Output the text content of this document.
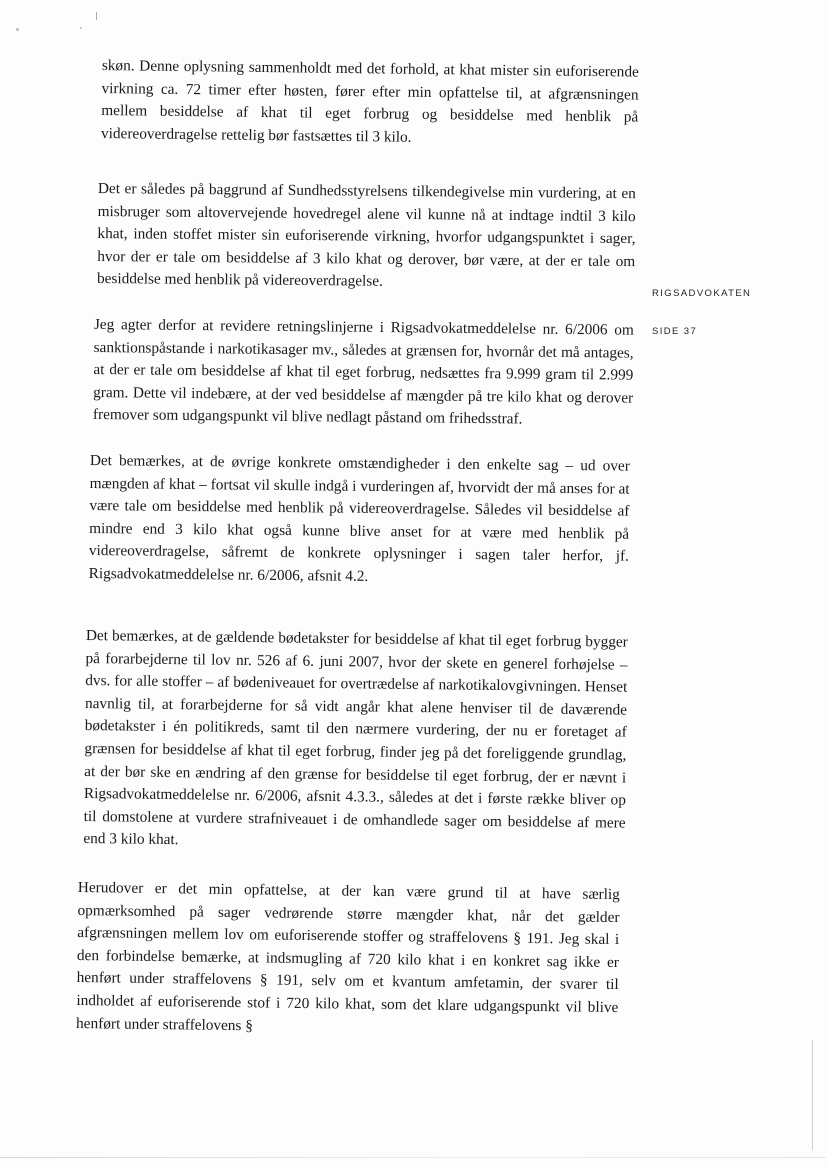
skøn. Denne oplysning sammenholdt med det forhold, at khat mister sin euforiserende virkning ca. 72 timer efter høsten, fører efter min opfattelse til, at afgrænsningen mellem besiddelse af khat til eget forbrug og besiddelse med henblik på videreoverdragelse rettelig bør fastsættes til 3 kilo.

Det er således på baggrund af Sundhedsstyrelsens tilkendegivelse min vurdering, at en misbruger som altovervejende hovedregel alene vil kunne nå at indtage indtil 3 kilo khat, inden stoffet mister sin euforiserende virkning, hvorfor udgangspunktet i sager, hvor der er tale om besiddelse af 3 kilo khat og derover, bør være, at der er tale om besiddelse med henblik på videreoverdragelse.

RIGSADVOKATEN
SIDE 37

Jeg agter derfor at revidere retningslinjerne i Rigsadvokatmeddelelse nr. 6/2006 om sanktionspåstande i narkotikasager mv., således at grænsen for, hvornår det må antages, at der er tale om besiddelse af khat til eget forbrug, nedsættes fra 9.999 gram til 2.999 gram. Dette vil indebære, at der ved besiddelse af mængder på tre kilo khat og derover fremover som udgangspunkt vil blive nedlagt påstand om frihedsstraf.

Det bemærkes, at de øvrige konkrete omstændigheder i den enkelte sag – ud over mængden af khat – fortsat vil skulle indgå i vurderingen af, hvorvidt der må anses for at være tale om besiddelse med henblik på videreoverdragelse. Således vil besiddelse af mindre end 3 kilo khat også kunne blive anset for at være med henblik på videreoverdragelse, såfremt de konkrete oplysninger i sagen taler herfor, jf. Rigsadvokatmeddelelse nr. 6/2006, afsnit 4.2.

Det bemærkes, at de gældende bødetakster for besiddelse af khat til eget forbrug bygger på forarbejderne til lov nr. 526 af 6. juni 2007, hvor der skete en generel forhøjelse – dvs. for alle stoffer – af bødeniveauet for overtrædelse af narkotikalovgivningen. Henset navnlig til, at forarbejderne for så vidt angår khat alene henviser til de daværende bødetakster i én politikreds, samt til den nærmere vurdering, der nu er foretaget af grænsen for besiddelse af khat til eget forbrug, finder jeg på det foreliggende grundlag, at der bør ske en ændring af den grænse for besiddelse til eget forbrug, der er nævnt i Rigsadvokatmeddelelse nr. 6/2006, afsnit 4.3.3., således at det i første række bliver op til domstolene at vurdere strafniveauet i de omhandlede sager om besiddelse af mere end 3 kilo khat.

Herudover er det min opfattelse, at der kan være grund til at have særlig opmærksomhed på sager vedrørende større mængder khat, når det gælder afgrænsningen mellem lov om euforiserende stoffer og straffelovens § 191. Jeg skal i den forbindelse bemærke, at indsmugling af 720 kilo khat i en konkret sag ikke er henført under straffelovens § 191, selv om et kvantum amfetamin, der svarer til indholdet af euforiserende stof i 720 kilo khat, som det klare udgangspunkt vil blive henført under straffelovens §
